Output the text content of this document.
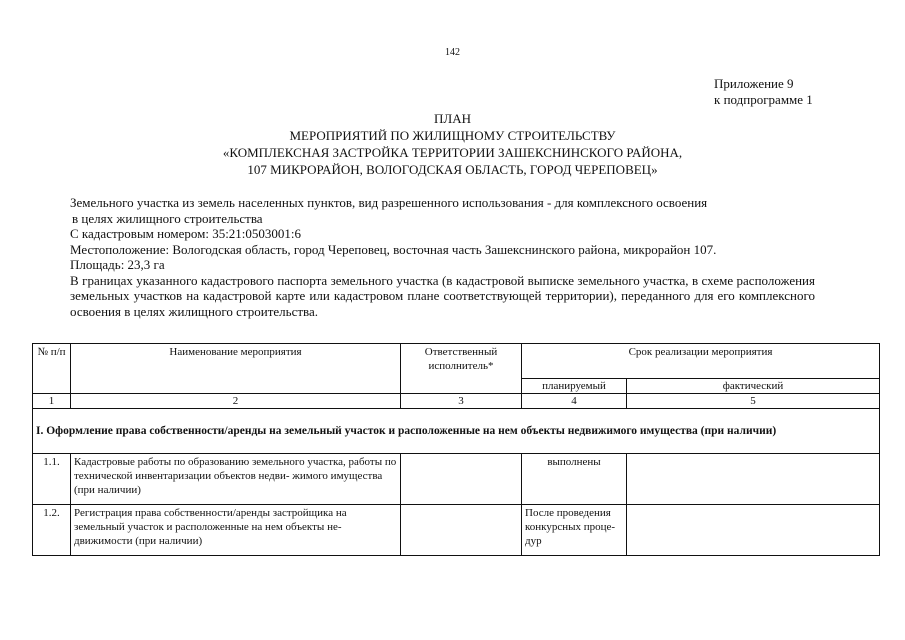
142
Приложение 9
к подпрограмме 1
ПЛАН
МЕРОПРИЯТИЙ ПО ЖИЛИЩНОМУ СТРОИТЕЛЬСТВУ
«КОМПЛЕКСНАЯ ЗАСТРОЙКА ТЕРРИТОРИИ ЗАШЕКСНИНСКОГО РАЙОНА,
107 МИКРОРАЙОН, ВОЛОГОДСКАЯ ОБЛАСТЬ, ГОРОД ЧЕРЕПОВЕЦ»
Земельного участка из земель населенных пунктов, вид разрешенного использования - для комплексного освоения
в целях жилищного строительства
С кадастровым номером: 35:21:0503001:6
Местоположение: Вологодская область, город Череповец, восточная часть Зашекснинского района, микрорайон 107.
Площадь: 23,3 га
В границах указанного кадастрового паспорта земельного участка (в кадастровой выписке земельного участка, в схеме расположения земельных участков на кадастровой карте или кадастровом плане соответствующей территории), переданного для его комплексного освоения в целях жилищного строительства.
№ п/п	Наименование мероприятия	Ответственный исполнитель*	Срок реализации мероприятия	
			планируемый	фактический
1	2	3	4	5
I. Оформление права собственности/аренды на земельный участок и расположенные на нем объекты недвижимого имущества (при наличии)				
1.1.	Кадастровые работы по образованию земельного участка, работы по технической инвентаризации объектов недви- жимого имущества (при наличии)		выполнены	
1.2.	Регистрация права собственности/аренды застройщика на земельный участок и расположенные на нем объекты не- движимости (при наличии)		После проведения конкурсных проце- дур	
